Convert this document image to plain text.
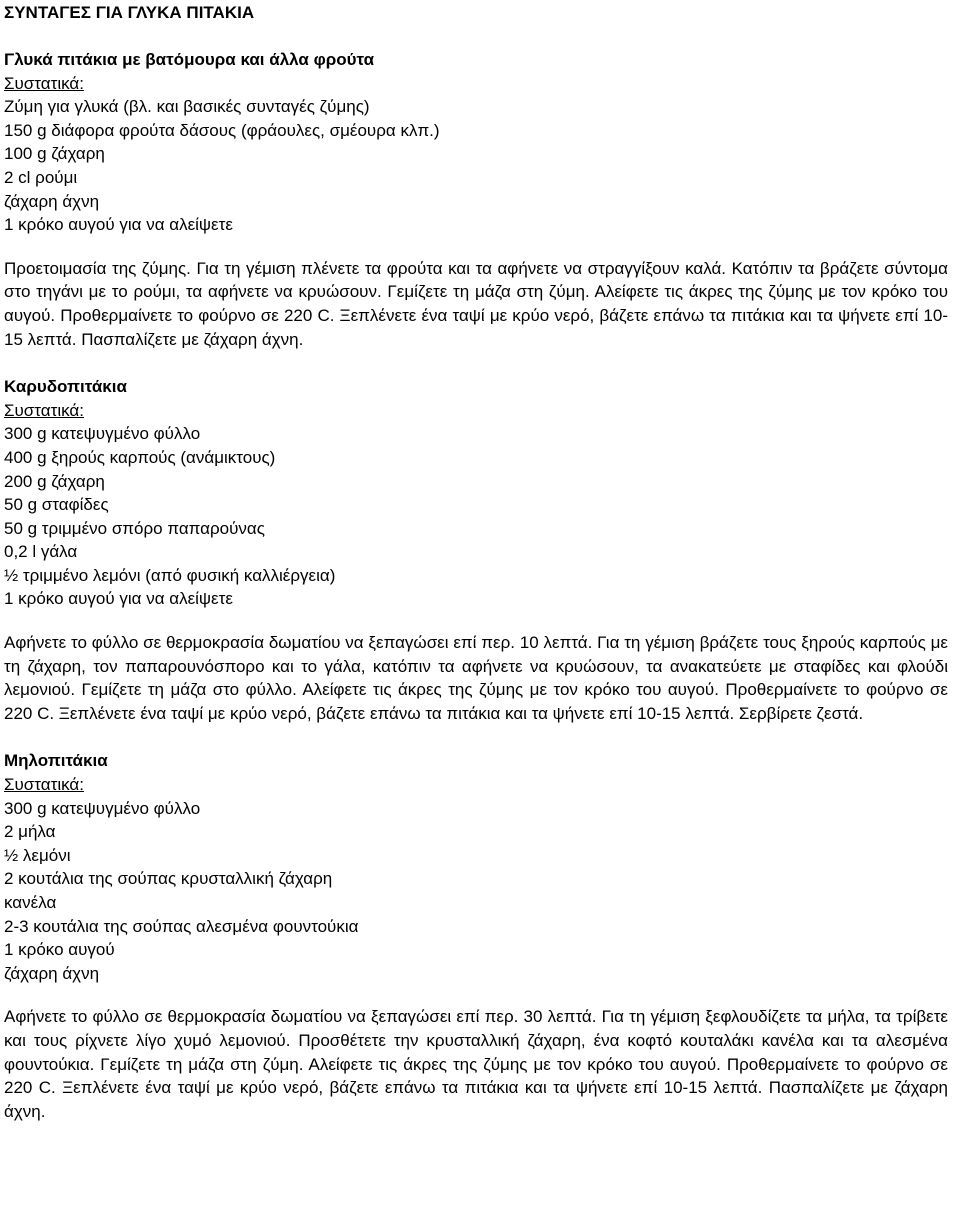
ΣΥΝΤΑΓΕΣ ΓΙΑ ΓΛΥΚΑ ΠΙΤΑΚΙΑ
Γλυκά πιτάκια με βατόμουρα και άλλα φρούτα
Συστατικά:
Ζύμη για γλυκά (βλ. και βασικές συνταγές ζύμης)
150 g διάφορα φρούτα δάσους (φράουλες, σμέουρα κλπ.)
100 g ζάχαρη
2 cl ρούμι
ζάχαρη άχνη
1 κρόκο αυγού για να αλείψετε
Προετοιμασία της ζύμης. Για τη γέμιση πλένετε τα φρούτα και τα αφήνετε να στραγγίξουν καλά. Κατόπιν τα βράζετε σύντομα στο τηγάνι με το ρούμι, τα αφήνετε να κρυώσουν. Γεμίζετε τη μάζα στη ζύμη. Αλείφετε τις άκρες της ζύμης με τον κρόκο του αυγού. Προθερμαίνετε το φούρνο σε 220 C. Ξεπλένετε ένα ταψί με κρύο νερό, βάζετε επάνω τα πιτάκια και τα ψήνετε επί 10-15 λεπτά. Πασπαλίζετε με ζάχαρη άχνη.
Καρυδοπιτάκια
Συστατικά:
300 g κατεψυγμένο φύλλο
400 g ξηρούς καρπούς (ανάμικτους)
200 g ζάχαρη
50 g σταφίδες
50 g τριμμένο σπόρο παπαρούνας
0,2 l γάλα
½ τριμμένο λεμόνι (από φυσική καλλιέργεια)
1 κρόκο αυγού για να αλείψετε
Αφήνετε το φύλλο σε θερμοκρασία δωματίου να ξεπαγώσει επί περ. 10 λεπτά. Για τη γέμιση βράζετε τους ξηρούς καρπούς με τη ζάχαρη, τον παπαρουνόσπορο και το γάλα, κατόπιν τα αφήνετε να κρυώσουν, τα ανακατεύετε με σταφίδες και φλούδι λεμονιού. Γεμίζετε τη μάζα στο φύλλο. Αλείφετε τις άκρες της ζύμης με τον κρόκο του αυγού. Προθερμαίνετε το φούρνο σε 220 C. Ξεπλένετε ένα ταψί με κρύο νερό, βάζετε επάνω τα πιτάκια και τα ψήνετε επί 10-15 λεπτά. Σερβίρετε ζεστά.
Μηλοπιτάκια
Συστατικά:
300 g κατεψυγμένο φύλλο
2 μήλα
½ λεμόνι
2 κουτάλια της σούπας κρυσταλλική ζάχαρη
κανέλα
2-3 κουτάλια της σούπας αλεσμένα φουντούκια
1 κρόκο αυγού
ζάχαρη άχνη
Αφήνετε το φύλλο σε θερμοκρασία δωματίου να ξεπαγώσει επί περ. 30 λεπτά. Για τη γέμιση ξεφλουδίζετε τα μήλα, τα τρίβετε και τους ρίχνετε λίγο χυμό λεμονιού. Προσθέτετε την κρυσταλλική ζάχαρη, ένα κοφτό κουταλάκι κανέλα και τα αλεσμένα φουντούκια. Γεμίζετε τη μάζα στη ζύμη. Αλείφετε τις άκρες της ζύμης με τον κρόκο του αυγού. Προθερμαίνετε το φούρνο σε 220 C. Ξεπλένετε ένα ταψί με κρύο νερό, βάζετε επάνω τα πιτάκια και τα ψήνετε επί 10-15 λεπτά. Πασπαλίζετε με ζάχαρη άχνη.
